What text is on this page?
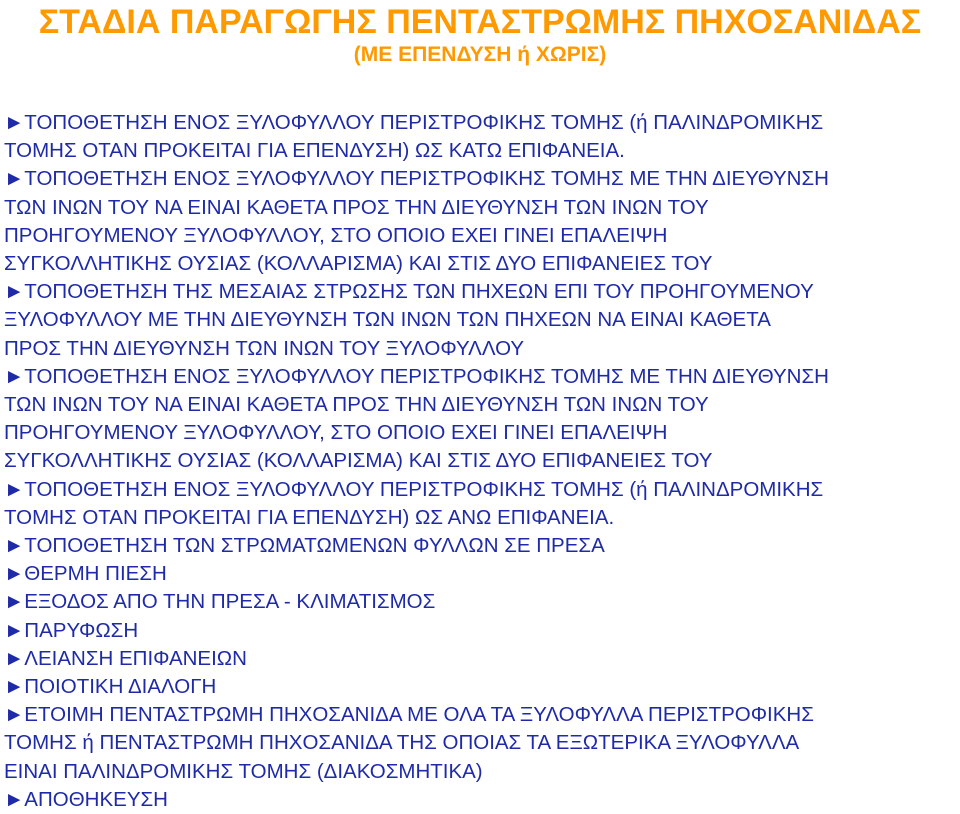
ΣΤΑΔΙΑ ΠΑΡΑΓΩΓΗΣ ΠΕΝΤΑΣΤΡΩΜΗΣ ΠΗΧΟΣΑΝΙΔΑΣ
(ΜΕ ΕΠΕΝΔΥΣΗ ή ΧΩΡΙΣ)
►ΤΟΠΟΘΕΤΗΣΗ ΕΝΟΣ ΞΥΛΟΦΥΛΛΟΥ ΠΕΡΙΣΤΡΟΦΙΚΗΣ ΤΟΜΗΣ (ή ΠΑΛΙΝΔΡΟΜΙΚΗΣ
ΤΟΜΗΣ ΟΤΑΝ ΠΡΟΚΕΙΤΑΙ ΓΙΑ ΕΠΕΝΔΥΣΗ) ΩΣ ΚΑΤΩ ΕΠΙΦΑΝΕΙΑ.
►ΤΟΠΟΘΕΤΗΣΗ ΕΝΟΣ ΞΥΛΟΦΥΛΛΟΥ ΠΕΡΙΣΤΡΟΦΙΚΗΣ ΤΟΜΗΣ ΜΕ ΤΗΝ ΔΙΕΥΘΥΝΣΗ
ΤΩΝ ΙΝΩΝ ΤΟΥ ΝΑ ΕΙΝΑΙ ΚΑΘΕΤΑ ΠΡΟΣ ΤΗΝ ΔΙΕΥΘΥΝΣΗ ΤΩΝ ΙΝΩΝ ΤΟΥ
ΠΡΟΗΓΟΥΜΕΝΟΥ ΞΥΛΟΦΥΛΛΟΥ, ΣΤΟ ΟΠΟΙΟ ΕΧΕΙ ΓΙΝΕΙ ΕΠΑΛΕΙΨΗ
ΣΥΓΚΟΛΛΗΤΙΚΗΣ ΟΥΣΙΑΣ (ΚΟΛΛΑΡΙΣΜΑ) ΚΑΙ ΣΤΙΣ ΔΥΟ ΕΠΙΦΑΝΕΙΕΣ ΤΟΥ
►ΤΟΠΟΘΕΤΗΣΗ ΤΗΣ ΜΕΣΑΙΑΣ ΣΤΡΩΣΗΣ ΤΩΝ ΠΗΧΕΩΝ ΕΠΙ ΤΟΥ ΠΡΟΗΓΟΥΜΕΝΟΥ
ΞΥΛΟΦΥΛΛΟΥ ΜΕ ΤΗΝ ΔΙΕΥΘΥΝΣΗ ΤΩΝ ΙΝΩΝ ΤΩΝ ΠΗΧΕΩΝ ΝΑ ΕΙΝΑΙ ΚΑΘΕΤΑ
ΠΡΟΣ ΤΗΝ ΔΙΕΥΘΥΝΣΗ ΤΩΝ ΙΝΩΝ ΤΟΥ ΞΥΛΟΦΥΛΛΟΥ
►ΤΟΠΟΘΕΤΗΣΗ ΕΝΟΣ ΞΥΛΟΦΥΛΛΟΥ ΠΕΡΙΣΤΡΟΦΙΚΗΣ ΤΟΜΗΣ ΜΕ ΤΗΝ ΔΙΕΥΘΥΝΣΗ
ΤΩΝ ΙΝΩΝ ΤΟΥ ΝΑ ΕΙΝΑΙ ΚΑΘΕΤΑ ΠΡΟΣ ΤΗΝ ΔΙΕΥΘΥΝΣΗ ΤΩΝ ΙΝΩΝ ΤΟΥ
ΠΡΟΗΓΟΥΜΕΝΟΥ ΞΥΛΟΦΥΛΛΟΥ, ΣΤΟ ΟΠΟΙΟ ΕΧΕΙ ΓΙΝΕΙ ΕΠΑΛΕΙΨΗ
ΣΥΓΚΟΛΛΗΤΙΚΗΣ ΟΥΣΙΑΣ (ΚΟΛΛΑΡΙΣΜΑ) ΚΑΙ ΣΤΙΣ ΔΥΟ ΕΠΙΦΑΝΕΙΕΣ ΤΟΥ
►ΤΟΠΟΘΕΤΗΣΗ ΕΝΟΣ ΞΥΛΟΦΥΛΛΟΥ ΠΕΡΙΣΤΡΟΦΙΚΗΣ ΤΟΜΗΣ (ή ΠΑΛΙΝΔΡΟΜΙΚΗΣ
ΤΟΜΗΣ ΟΤΑΝ ΠΡΟΚΕΙΤΑΙ ΓΙΑ ΕΠΕΝΔΥΣΗ) ΩΣ ΑΝΩ ΕΠΙΦΑΝΕΙΑ.
►ΤΟΠΟΘΕΤΗΣΗ ΤΩΝ ΣΤΡΩΜΑΤΩΜΕΝΩΝ ΦΥΛΛΩΝ ΣΕ ΠΡΕΣΑ
►ΘΕΡΜΗ ΠΙΕΣΗ
►ΕΞΟΔΟΣ ΑΠΟ ΤΗΝ ΠΡΕΣΑ - ΚΛΙΜΑΤΙΣΜΟΣ
►ΠΑΡΥΦΩΣΗ
►ΛΕΙΑΝΣΗ ΕΠΙΦΑΝΕΙΩΝ
►ΠΟΙΟΤΙΚΗ ΔΙΑΛΟΓΗ
►ΕΤΟΙΜΗ ΠΕΝΤΑΣΤΡΩΜΗ ΠΗΧΟΣΑΝΙΔΑ ΜΕ ΟΛΑ ΤΑ ΞΥΛΟΦΥΛΛΑ ΠΕΡΙΣΤΡΟΦΙΚΗΣ
ΤΟΜΗΣ ή ΠΕΝΤΑΣΤΡΩΜΗ ΠΗΧΟΣΑΝΙΔΑ ΤΗΣ ΟΠΟΙΑΣ ΤΑ ΕΞΩΤΕΡΙΚΑ ΞΥΛΟΦΥΛΛΑ
ΕΙΝΑΙ ΠΑΛΙΝΔΡΟΜΙΚΗΣ ΤΟΜΗΣ (ΔΙΑΚΟΣΜΗΤΙΚΑ)
►ΑΠΟΘΗΚΕΥΣΗ
